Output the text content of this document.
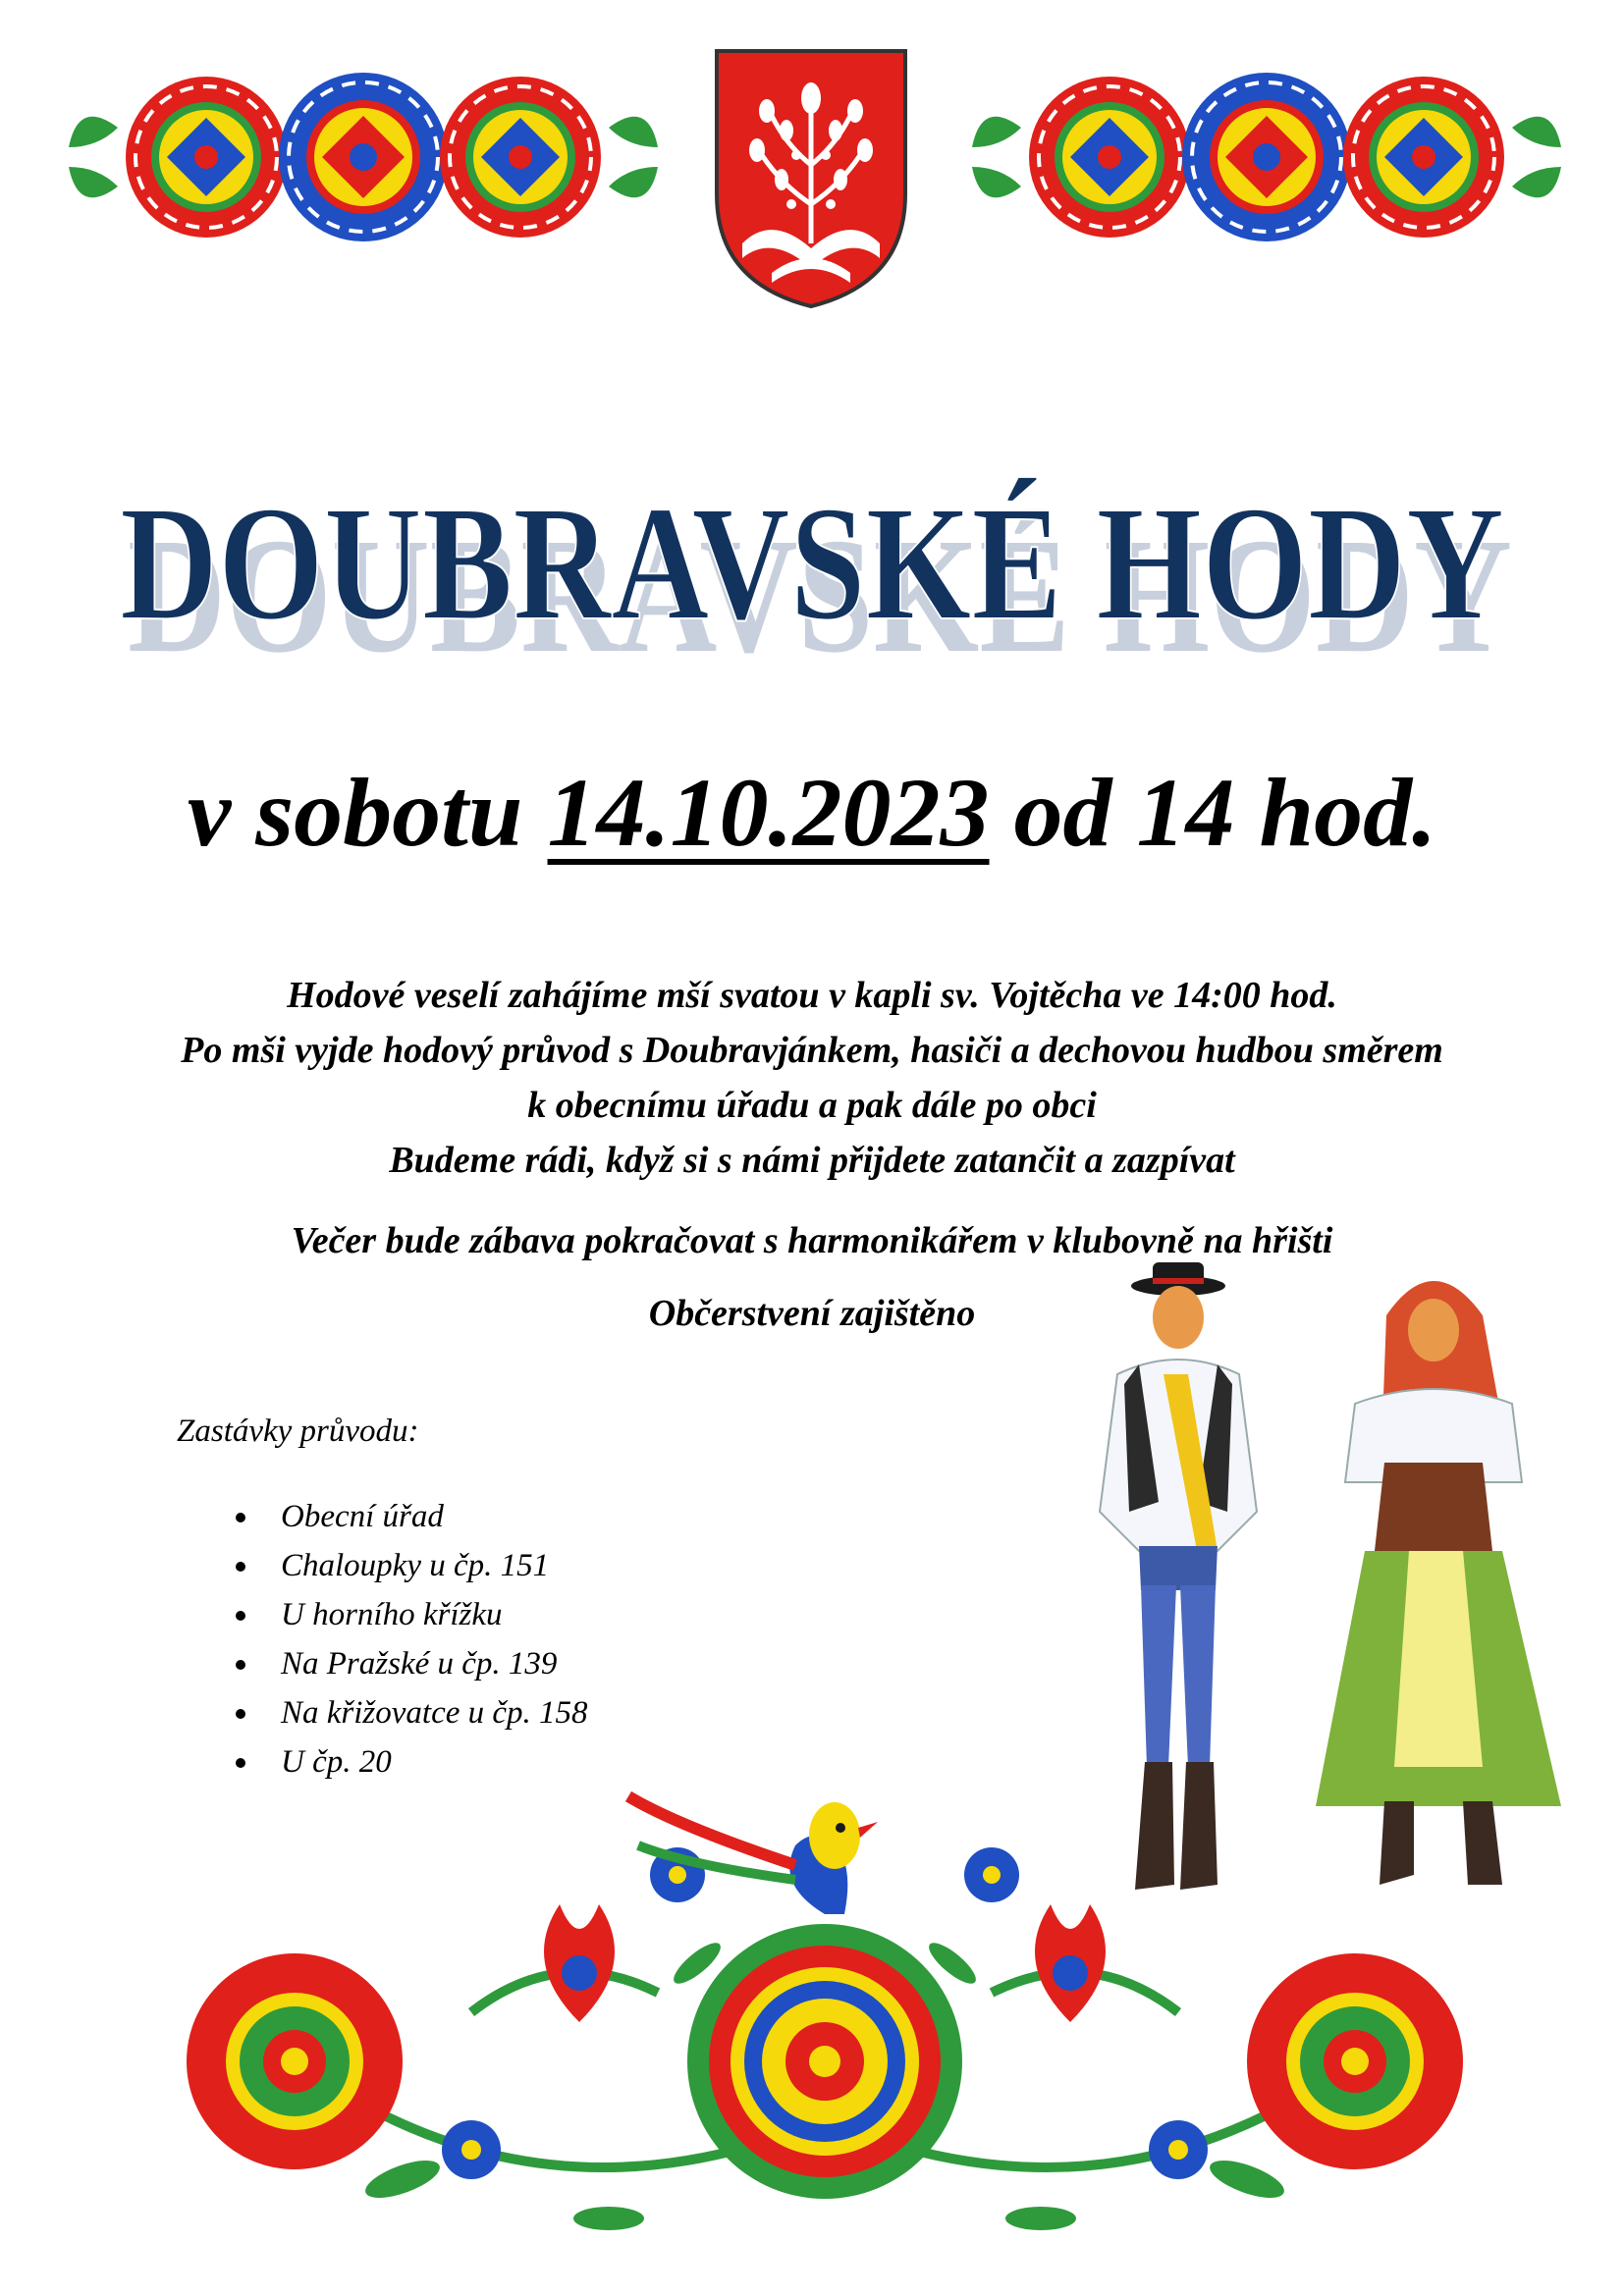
DOUBRAVSKÉ HODY
DOUBRAVSKÉ HODY
v sobotu 14.10.2023 od 14 hod.
Hodové veselí zahájíme mší svatou v kapli sv. Vojtěcha ve 14:00 hod.
Po mši vyjde hodový průvod s Doubravjánkem, hasiči a dechovou hudbou směrem
k obecnímu úřadu a pak dále po obci
Budeme rádi, když si s námi přijdete zatančit a zazpívat
Večer bude zábava pokračovat s harmonikářem v klubovně na hřišti
Občerstvení zajištěno
Zastávky průvodu:
Obecní úřad
Chaloupky u čp. 151
U horního křížku
Na Pražské u čp. 139
Na křižovatce u čp. 158
U čp. 20
